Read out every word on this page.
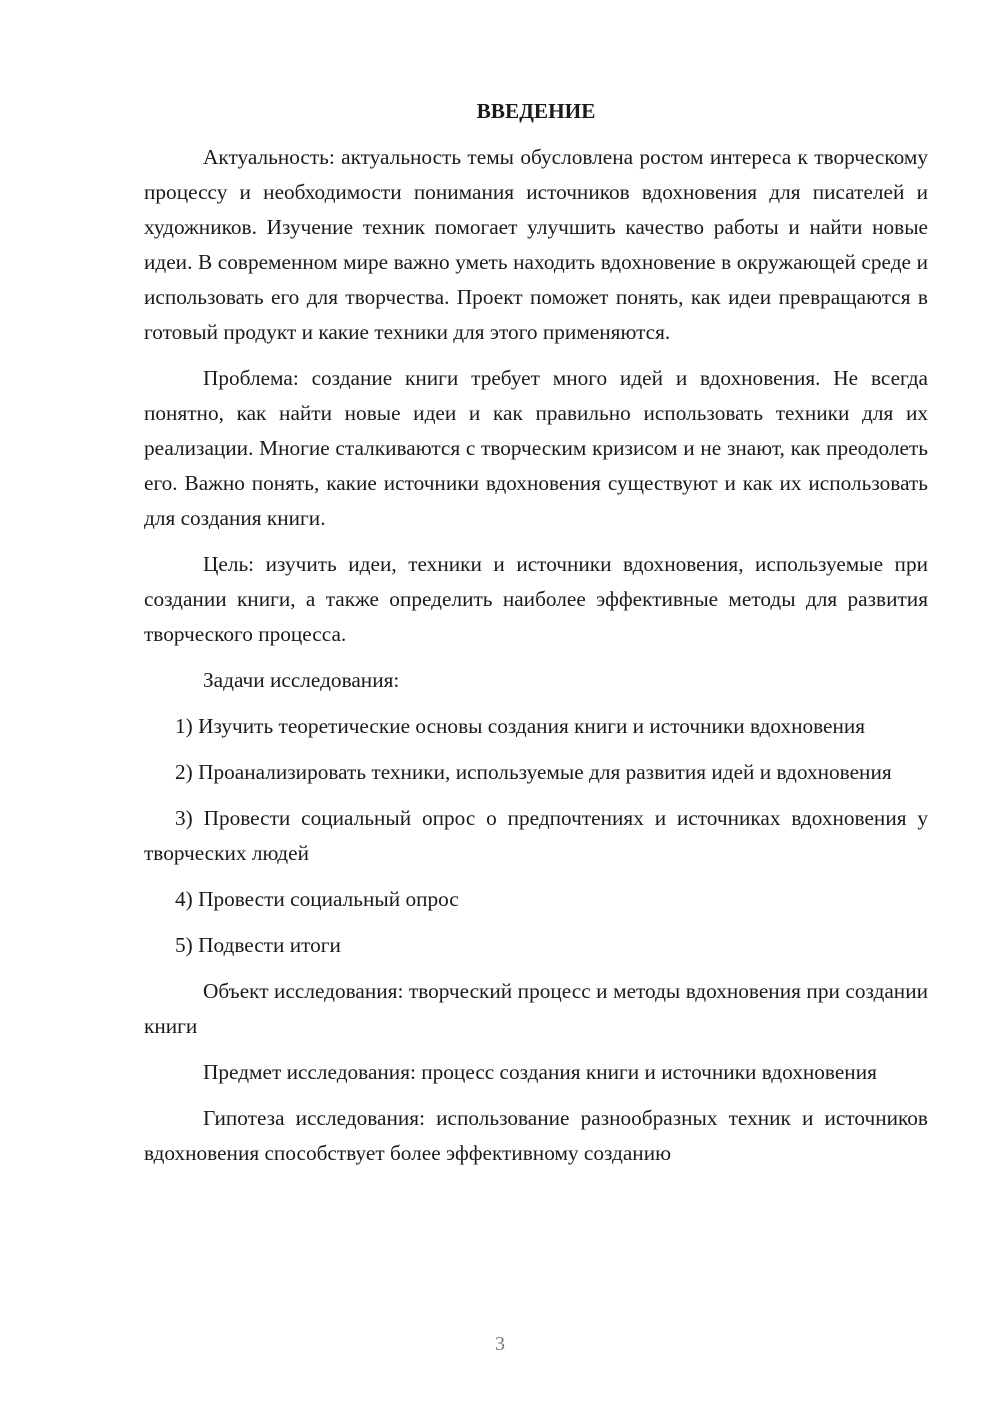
ВВЕДЕНИЕ

Актуальность: актуальность темы обусловлена ростом интереса к творческому процессу и необходимости понимания источников вдохновения для писателей и художников. Изучение техник помогает улучшить качество работы и найти новые идеи. В современном мире важно уметь находить вдохновение в окружающей среде и использовать его для творчества. Проект поможет понять, как идеи превращаются в готовый продукт и какие техники для этого применяются.

Проблема: создание книги требует много идей и вдохновения. Не всегда понятно, как найти новые идеи и как правильно использовать техники для их реализации. Многие сталкиваются с творческим кризисом и не знают, как преодолеть его. Важно понять, какие источники вдохновения существуют и как их использовать для создания книги.

Цель: изучить идеи, техники и источники вдохновения, используемые при создании книги, а также определить наиболее эффективные методы для развития творческого процесса.

Задачи исследования:

1) Изучить теоретические основы создания книги и источники вдохновения

2) Проанализировать техники, используемые для развития идей и вдохновения

3) Провести социальный опрос о предпочтениях и источниках вдохновения у творческих людей

4) Провести социальный опрос

5) Подвести итоги

Объект исследования: творческий процесс и методы вдохновения при создании книги

Предмет исследования: процесс создания книги и источники вдохновения

Гипотеза исследования: использование разнообразных техник и источников вдохновения способствует более эффективному созданию

3
